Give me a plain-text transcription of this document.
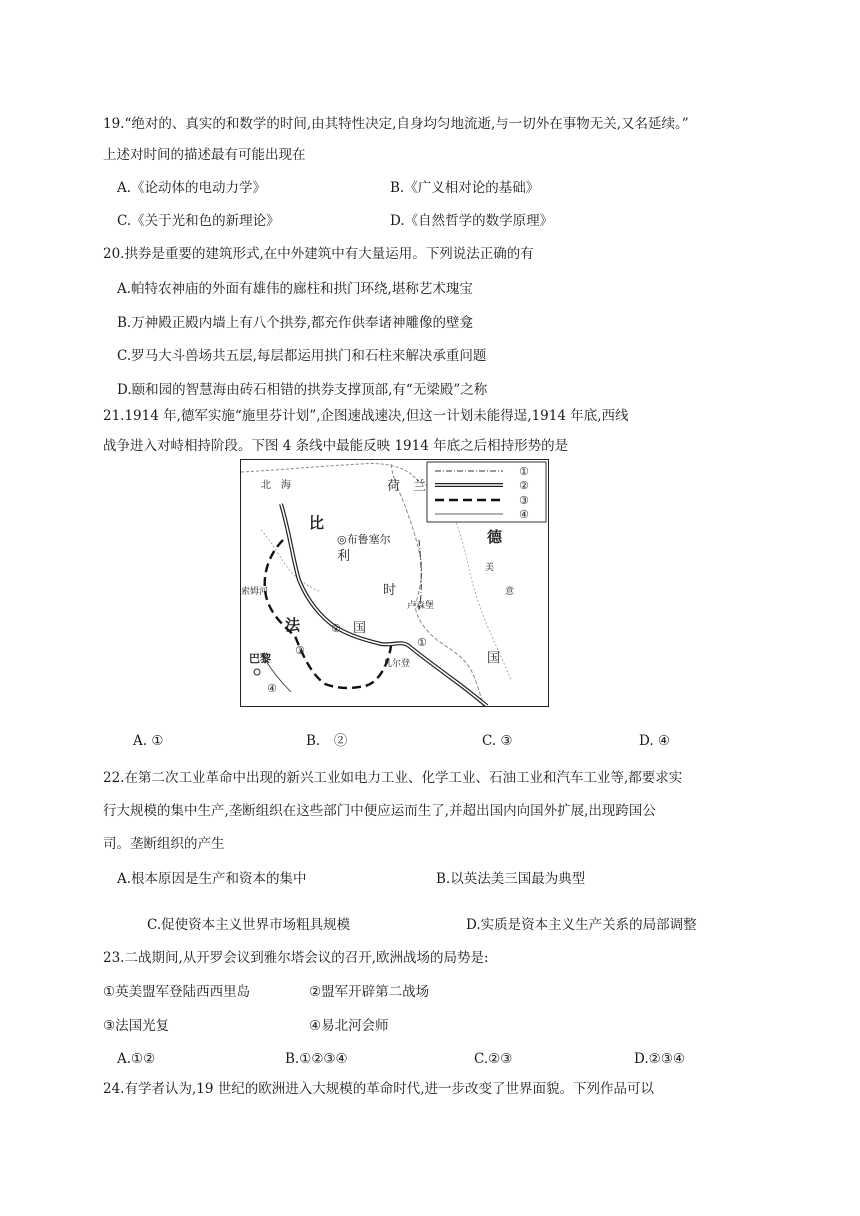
19.“绝对的、真实的和数学的时间,由其特性决定,自身均匀地流逝,与一切外在事物无关,又名延续。”
上述对时间的描述最有可能出现在
A.《论动体的电动力学》	B.《广义相对论的基础》
C.《关于光和色的新理论》	D.《自然哲学的数学原理》
20.拱券是重要的建筑形式,在中外建筑中有大量运用。下列说法正确的有
A.帕特农神庙的外面有雄伟的廊柱和拱门环绕,堪称艺术瑰宝
B.万神殿正殿内墙上有八个拱券,都充作供奉诸神雕像的壁龛
C.罗马大斗兽场共五层,每层都运用拱门和石柱来解决承重问题
D.颐和园的智慧海由砖石相错的拱券支撑顶部,有“无梁殿”之称
21.1914 年,德军实施“施里芬计划”,企图速战速决,但这一计划未能得逞,1914 年底,西线
战争进入对峙相持阶段。下图 4 条线中最能反映 1914 年底之后相持形势的是
①
②
③
④
北　海	荷　兰
比
◎布鲁塞尔
利
时
国
德
美
意
国
索姆河
法
巴黎
卢森堡
凡尔登
②
③
④
①
A. ①	B.　②	C. ③	D. ④
22.在第二次工业革命中出现的新兴工业如电力工业、化学工业、石油工业和汽车工业等,都要求实
行大规模的集中生产,垄断组织在这些部门中便应运而生了,并超出国内向国外扩展,出现跨国公
司。垄断组织的产生
A.根本原因是生产和资本的集中	B.以英法美三国最为典型
C.促使资本主义世界市场粗具规模	D.实质是资本主义生产关系的局部调整
23.二战期间,从开罗会议到雅尔塔会议的召开,欧洲战场的局势是:
①英美盟军登陆西西里岛	②盟军开辟第二战场
③法国光复	④易北河会师
A.①②	B.①②③④	C.②③	D.②③④
24.有学者认为,19 世纪的欧洲进入大规模的革命时代,进一步改变了世界面貌。下列作品可以
